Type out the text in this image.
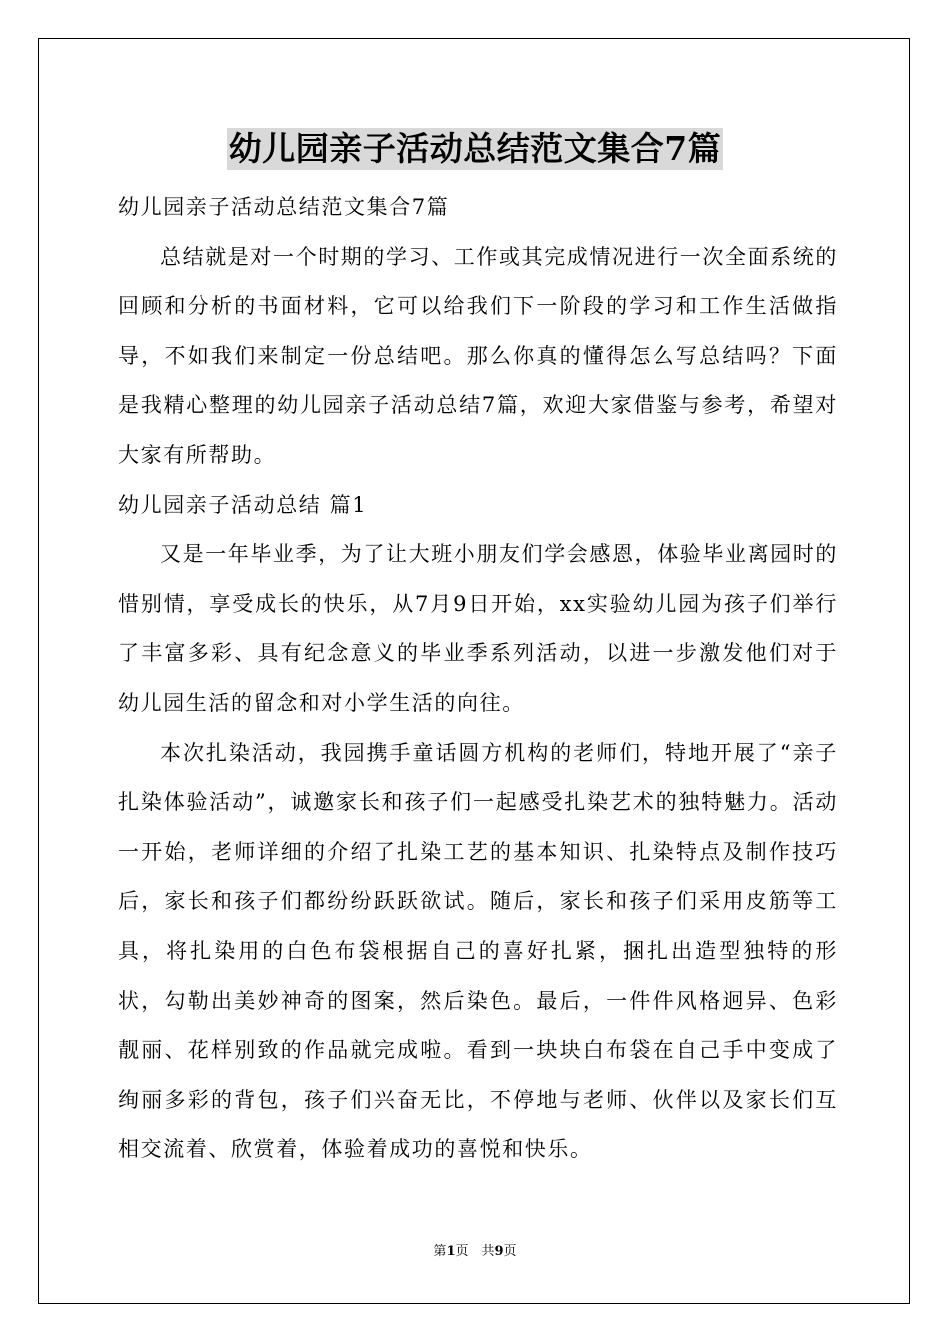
幼儿园亲子活动总结范文集合7篇

幼儿园亲子活动总结范文集合7篇

总结就是对一个时期的学习、工作或其完成情况进行一次全面系统的回顾和分析的书面材料，它可以给我们下一阶段的学习和工作生活做指导，不如我们来制定一份总结吧。那么你真的懂得怎么写总结吗？下面是我精心整理的幼儿园亲子活动总结7篇，欢迎大家借鉴与参考，希望对大家有所帮助。

幼儿园亲子活动总结 篇1

又是一年毕业季，为了让大班小朋友们学会感恩，体验毕业离园时的惜别情，享受成长的快乐，从7月9日开始，xx实验幼儿园为孩子们举行了丰富多彩、具有纪念意义的毕业季系列活动，以进一步激发他们对于幼儿园生活的留念和对小学生活的向往。

本次扎染活动，我园携手童话圆方机构的老师们，特地开展了“亲子扎染体验活动”，诚邀家长和孩子们一起感受扎染艺术的独特魅力。活动一开始，老师详细的介绍了扎染工艺的基本知识、扎染特点及制作技巧后，家长和孩子们都纷纷跃跃欲试。随后，家长和孩子们采用皮筋等工具，将扎染用的白色布袋根据自己的喜好扎紧，捆扎出造型独特的形状，勾勒出美妙神奇的图案，然后染色。最后，一件件风格迥异、色彩靓丽、花样别致的作品就完成啦。看到一块块白布袋在自己手中变成了绚丽多彩的背包，孩子们兴奋无比，不停地与老师、伙伴以及家长们互相交流着、欣赏着，体验着成功的喜悦和快乐。

第1页　共9页
